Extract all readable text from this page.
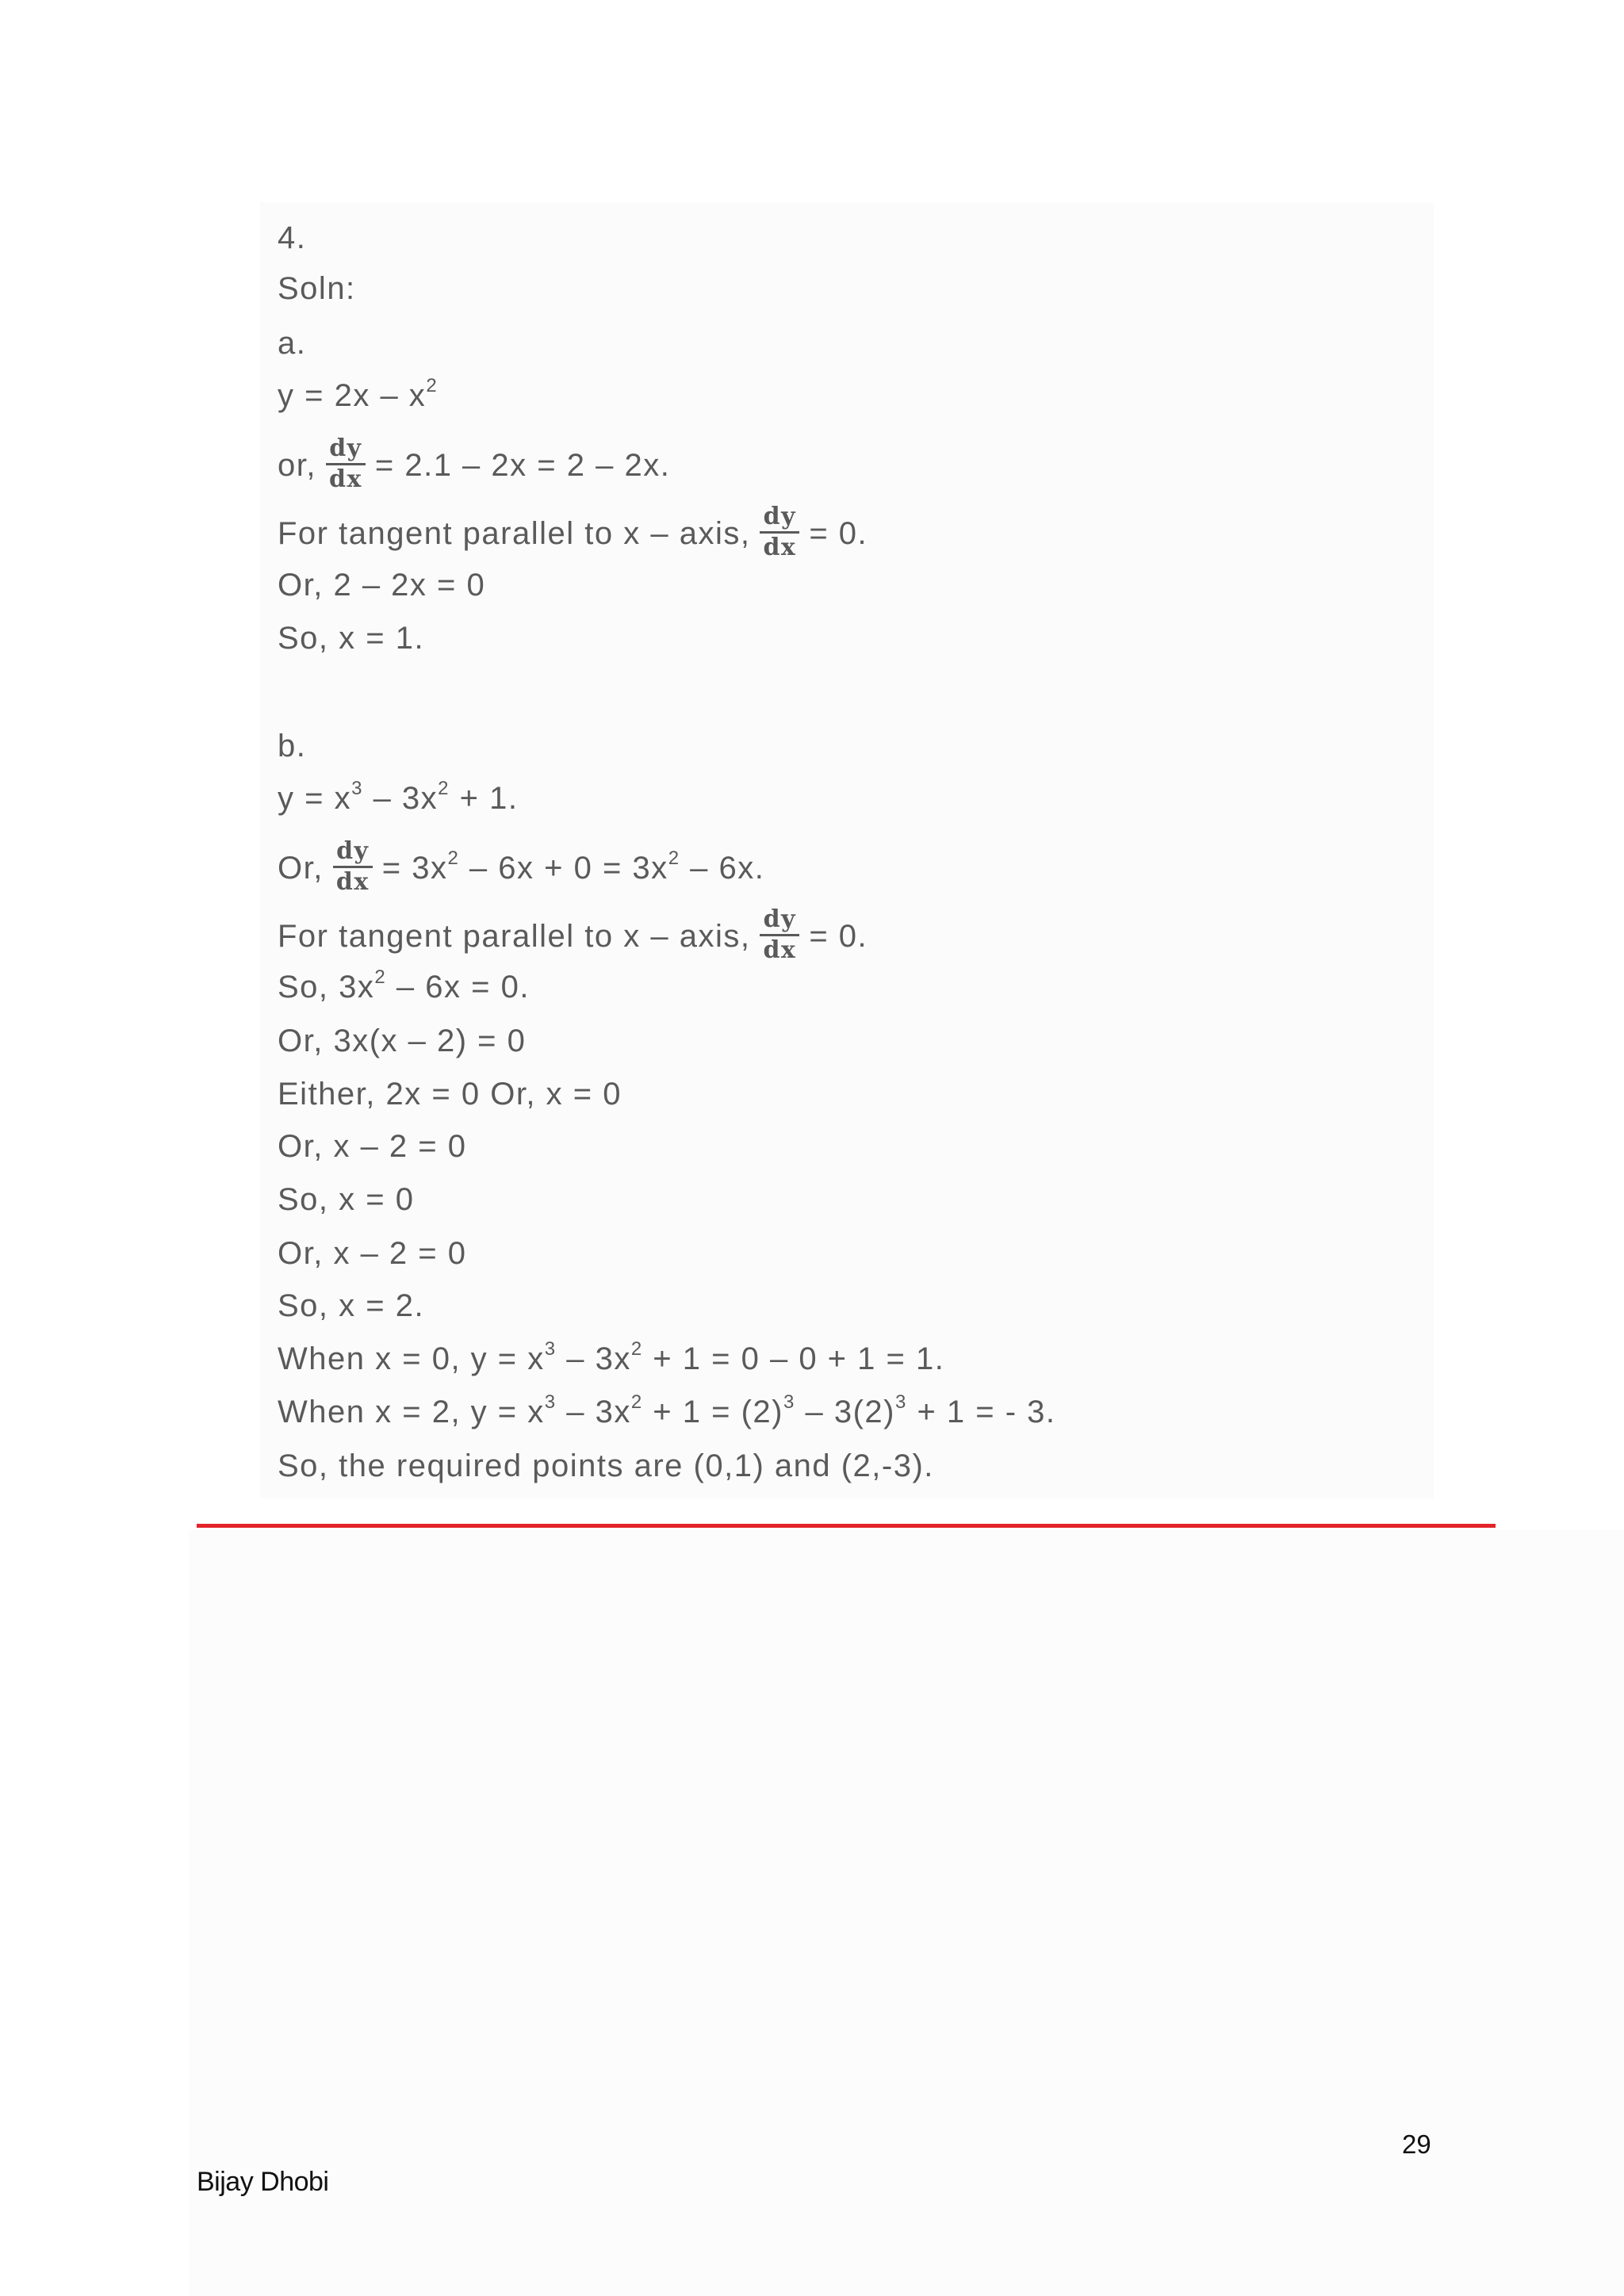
4.
Soln:
a.
$y = 2x - x^2$
or, $\frac{dy}{dx} = 2.1 - 2x = 2 - 2x$.
For tangent parallel to x – axis, $\frac{dy}{dx} = 0$.
Or, 2 – 2x = 0
So, x = 1.
b.
$y = x^3 - 3x^2 + 1$.
Or, $\frac{dy}{dx} = 3x^2 - 6x + 0 = 3x^2 - 6x$.
For tangent parallel to x – axis, $\frac{dy}{dx} = 0$.
So, $3x^2 - 6x = 0$.
Or, 3x(x – 2) = 0
Either, 2x = 0 Or, x = 0
Or, x – 2 = 0
So, x = 0
Or, x – 2 = 0
So, x = 2.
When x = 0, $y = x^3 - 3x^2 + 1 = 0 - 0 + 1 = 1$.
When x = 2, $y = x^3 - 3x^2 + 1 = (2)^3 - 3(2)^3 + 1$ = - 3.
So, the required points are (0,1) and (2,-3).
29
Bijay Dhobi
